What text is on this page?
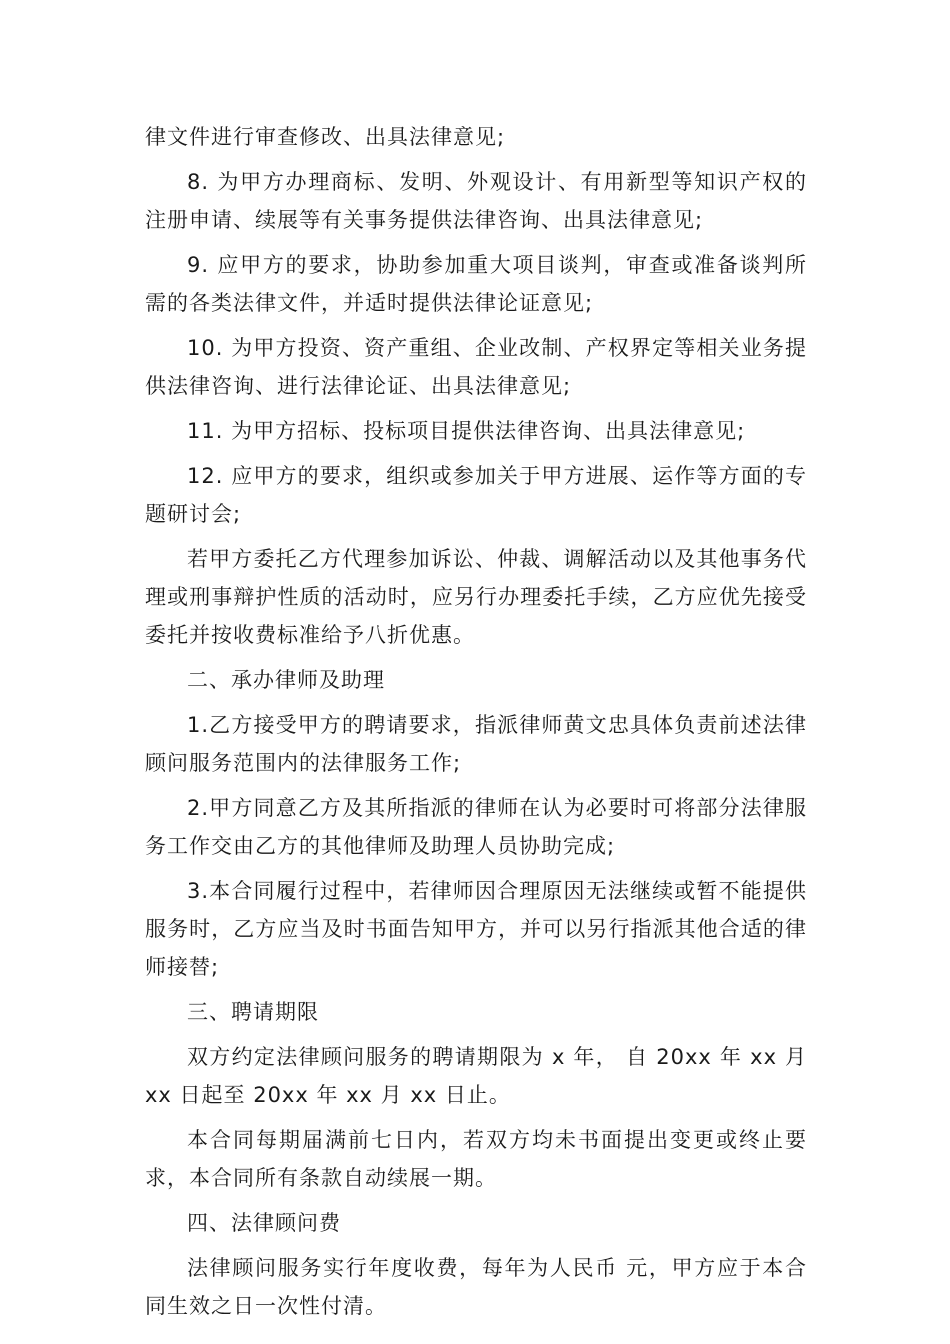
律文件进行审查修改、出具法律意见;

8. 为甲方办理商标、发明、外观设计、有用新型等知识产权的注册申请、续展等有关事务提供法律咨询、出具法律意见;

9. 应甲方的要求，协助参加重大项目谈判，审查或准备谈判所需的各类法律文件，并适时提供法律论证意见;

10. 为甲方投资、资产重组、企业改制、产权界定等相关业务提供法律咨询、进行法律论证、出具法律意见;

11. 为甲方招标、投标项目提供法律咨询、出具法律意见;

12. 应甲方的要求，组织或参加关于甲方进展、运作等方面的专题研讨会;

若甲方委托乙方代理参加诉讼、仲裁、调解活动以及其他事务代理或刑事辩护性质的活动时，应另行办理委托手续，乙方应优先接受委托并按收费标准给予八折优惠。

二、承办律师及助理

1.乙方接受甲方的聘请要求，指派律师黄文忠具体负责前述法律顾问服务范围内的法律服务工作;

2.甲方同意乙方及其所指派的律师在认为必要时可将部分法律服务工作交由乙方的其他律师及助理人员协助完成;

3.本合同履行过程中，若律师因合理原因无法继续或暂不能提供服务时，乙方应当及时书面告知甲方，并可以另行指派其他合适的律师接替;

三、聘请期限

双方约定法律顾问服务的聘请期限为 x 年， 自 20xx 年 xx 月 xx 日起至 20xx 年 xx 月 xx 日止。

本合同每期届满前七日内，若双方均未书面提出变更或终止要求，本合同所有条款自动续展一期。

四、法律顾问费

法律顾问服务实行年度收费，每年为人民币 元，甲方应于本合同生效之日一次性付清。
